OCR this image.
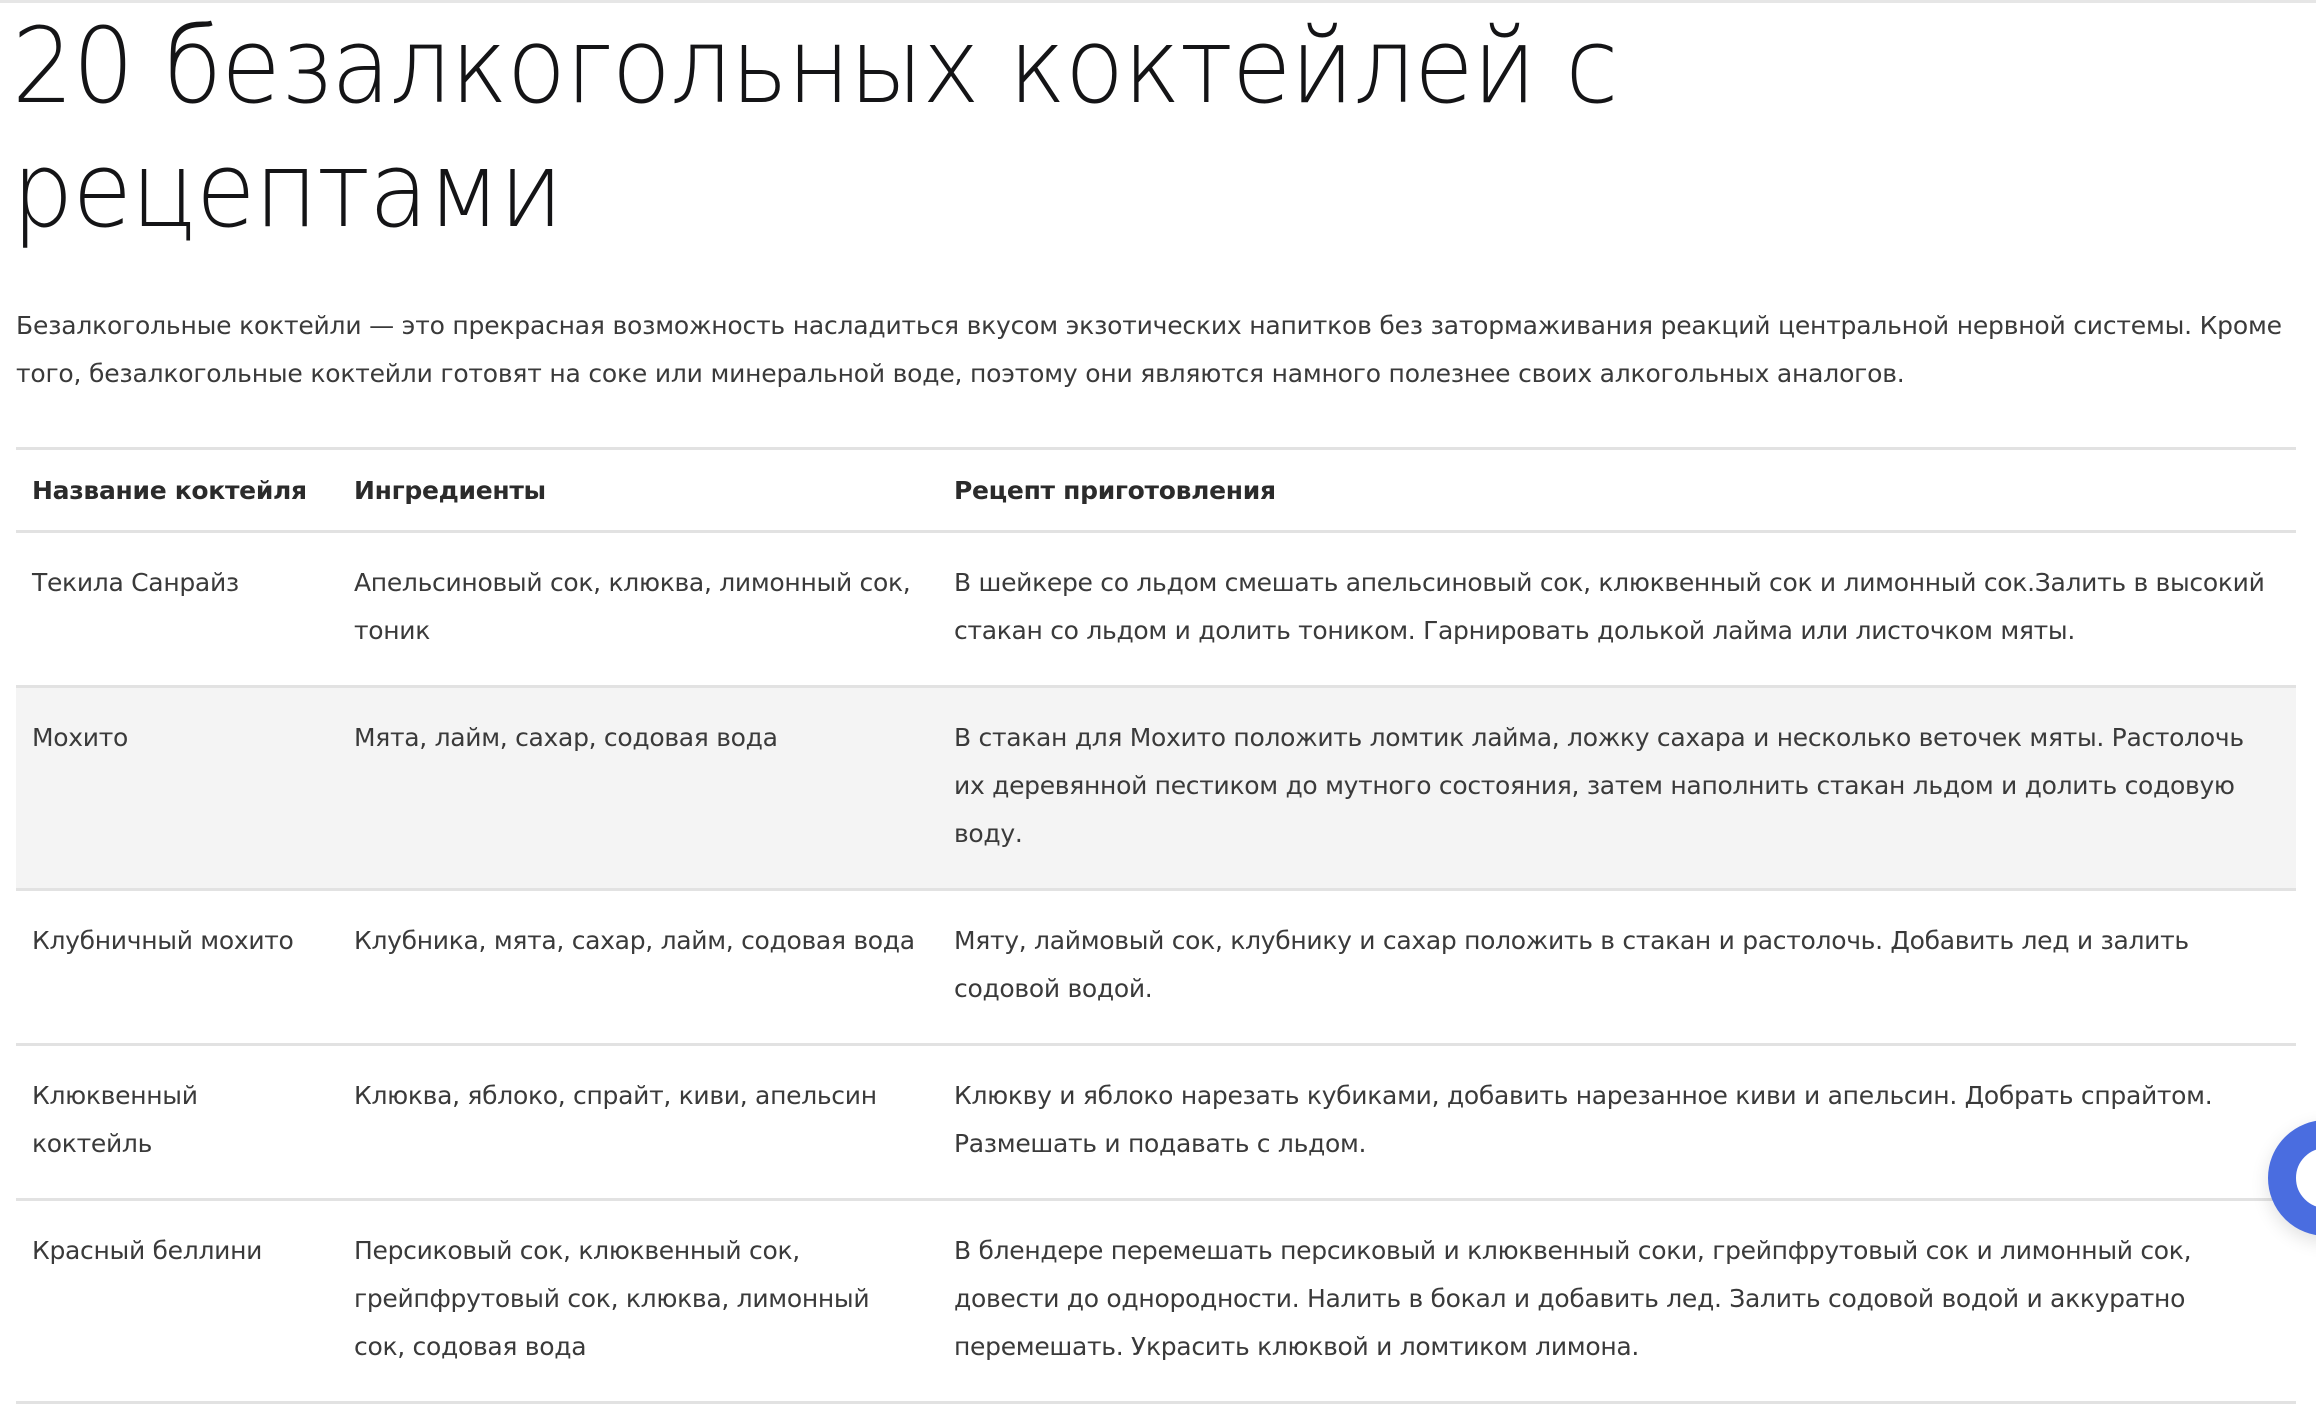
20 безалкогольных коктейлей с рецептами

Безалкогольные коктейли — это прекрасная возможность насладиться вкусом экзотических напитков без затормаживания реакций центральной нервной системы. Кроме того, безалкогольные коктейли готовят на соке или минеральной воде, поэтому они являются намного полезнее своих алкогольных аналогов.

Название коктейля	Ингредиенты	Рецепт приготовления
Текила Санрайз	Апельсиновый сок, клюква, лимонный сок, тоник	В шейкере со льдом смешать апельсиновый сок, клюквенный сок и лимонный сок.Залить в высокий стакан со льдом и долить тоником. Гарнировать долькой лайма или листочком мяты.
Мохито	Мята, лайм, сахар, содовая вода	В стакан для Мохито положить ломтик лайма, ложку сахара и несколько веточек мяты. Растолочь их деревянной пестиком до мутного состояния, затем наполнить стакан льдом и долить содовую воду.
Клубничный мохито	Клубника, мята, сахар, лайм, содовая вода	Мяту, лаймовый сок, клубнику и сахар положить в стакан и растолочь. Добавить лед и залить содовой водой.
Клюквенный коктейль	Клюква, яблоко, спрайт, киви, апельсин	Клюкву и яблоко нарезать кубиками, добавить нарезанное киви и апельсин. Добрать спрайтом. Размешать и подавать с льдом.
Красный беллини	Персиковый сок, клюквенный сок, грейпфрутовый сок, клюква, лимонный сок, содовая вода	В блендере перемешать персиковый и клюквенный соки, грейпфрутовый сок и лимонный сок, довести до однородности. Налить в бокал и добавить лед. Залить содовой водой и аккуратно перемешать. Украсить клюквой и ломтиком лимона.
